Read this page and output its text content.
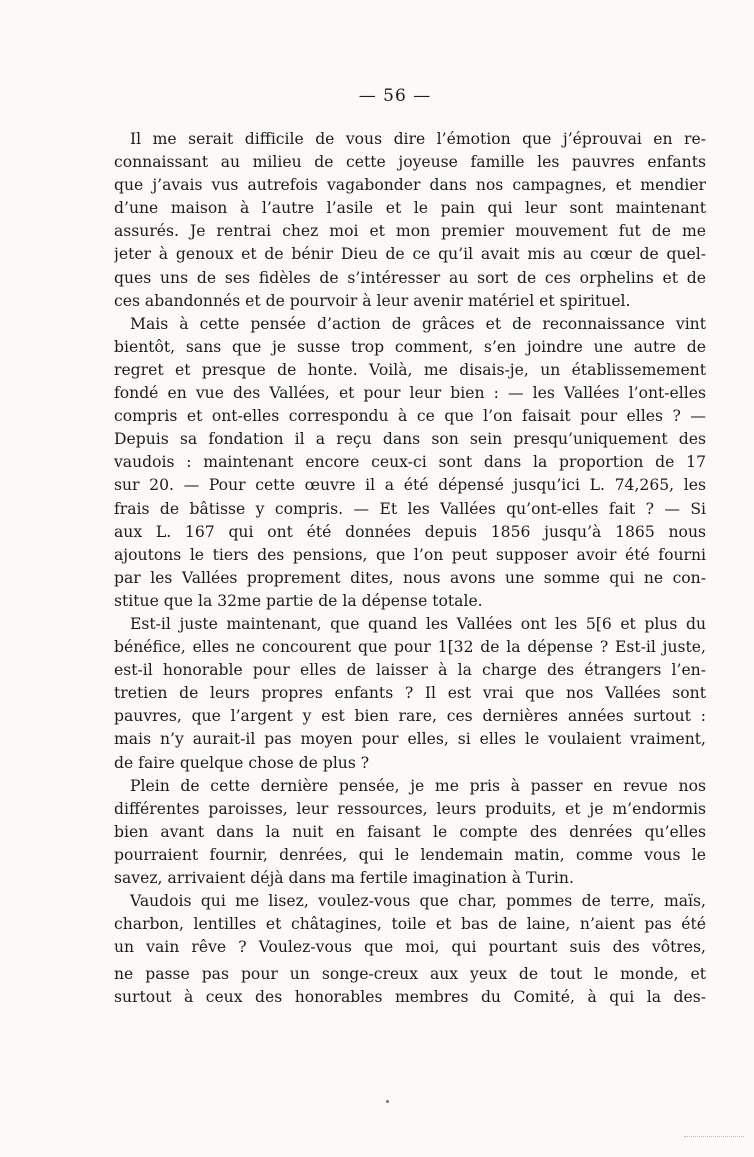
— 56 —
Il me serait difficile de vous dire l’émotion que j’éprouvai en re-
connaissant au milieu de cette joyeuse famille les pauvres enfants
que j’avais vus autrefois vagabonder dans nos campagnes, et mendier
d’une maison à l’autre l’asile et le pain qui leur sont maintenant
assurés. Je rentrai chez moi et mon premier mouvement fut de me
jeter à genoux et de bénir Dieu de ce qu’il avait mis au cœur de quel-
ques uns de ses fidèles de s’intéresser au sort de ces orphelins et de
ces abandonnés et de pourvoir à leur avenir matériel et spirituel.
Mais à cette pensée d’action de grâces et de reconnaissance vint
bientôt, sans que je susse trop comment, s’en joindre une autre de
regret et presque de honte. Voilà, me disais-je, un établissemement
fondé en vue des Vallées, et pour leur bien : — les Vallées l’ont-elles
compris et ont-elles correspondu à ce que l’on faisait pour elles ? —
Depuis sa fondation il a reçu dans son sein presqu’uniquement des
vaudois : maintenant encore ceux-ci sont dans la proportion de 17
sur 20. — Pour cette œuvre il a été dépensé jusqu’ici L. 74,265, les
frais de bâtisse y compris. — Et les Vallées qu’ont-elles fait ? — Si
aux L. 167 qui ont été données depuis 1856 jusqu’à 1865 nous
ajoutons le tiers des pensions, que l’on peut supposer avoir été fourni
par les Vallées proprement dites, nous avons une somme qui ne con-
stitue que la 32me partie de la dépense totale.
Est-il juste maintenant, que quand les Vallées ont les 5[6 et plus du
bénéfice, elles ne concourent que pour 1[32 de la dépense ? Est-il juste,
est-il honorable pour elles de laisser à la charge des étrangers l’en-
tretien de leurs propres enfants ? Il est vrai que nos Vallées sont
pauvres, que l’argent y est bien rare, ces dernières années surtout :
mais n’y aurait-il pas moyen pour elles, si elles le voulaient vraiment,
de faire quelque chose de plus ?
Plein de cette dernière pensée, je me pris à passer en revue nos
différentes paroisses, leur ressources, leurs produits, et je m’endormis
bien avant dans la nuit en faisant le compte des denrées qu’elles
pourraient fournir, denrées, qui le lendemain matin, comme vous le
savez, arrivaient déjà dans ma fertile imagination à Turin.
Vaudois qui me lisez, voulez-vous que char, pommes de terre, maïs,
charbon, lentilles et châtagines, toile et bas de laine, n’aient pas été
un vain rêve ? Voulez-vous que moi, qui pourtant suis des vôtres,
ne passe pas pour un songe-creux aux yeux de tout le monde, et
surtout à ceux des honorables membres du Comité, à qui la des-
